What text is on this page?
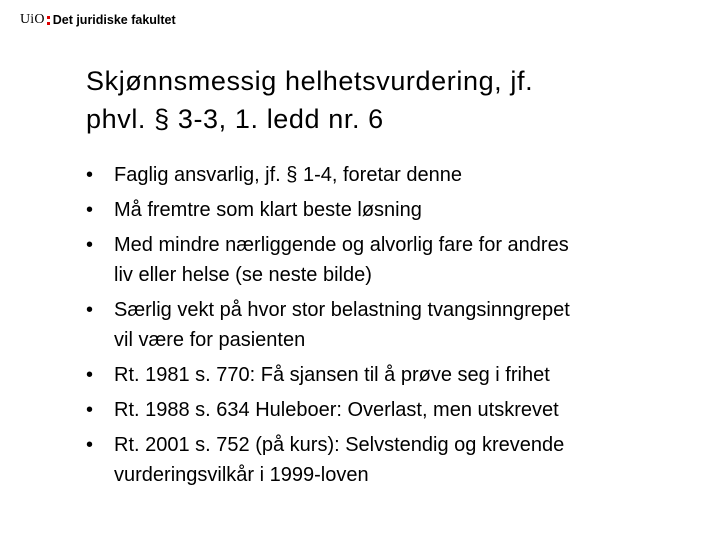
UiO Det juridiske fakultet
Skjønnsmessig helhetsvurdering, jf.
phvl. § 3-3, 1. ledd nr. 6
•	Faglig ansvarlig, jf. § 1-4, foretar denne
•	Må fremtre som klart beste løsning
•	Med mindre nærliggende og alvorlig fare for andres
liv eller helse (se neste bilde)
•	Særlig vekt på hvor stor belastning tvangsinngrepet
vil være for pasienten
•	Rt. 1981 s. 770: Få sjansen til å prøve seg i frihet
•	Rt. 1988 s. 634 Huleboer: Overlast, men utskrevet
•	Rt. 2001 s. 752 (på kurs): Selvstendig og krevende
vurderingsvilkår i 1999-loven
